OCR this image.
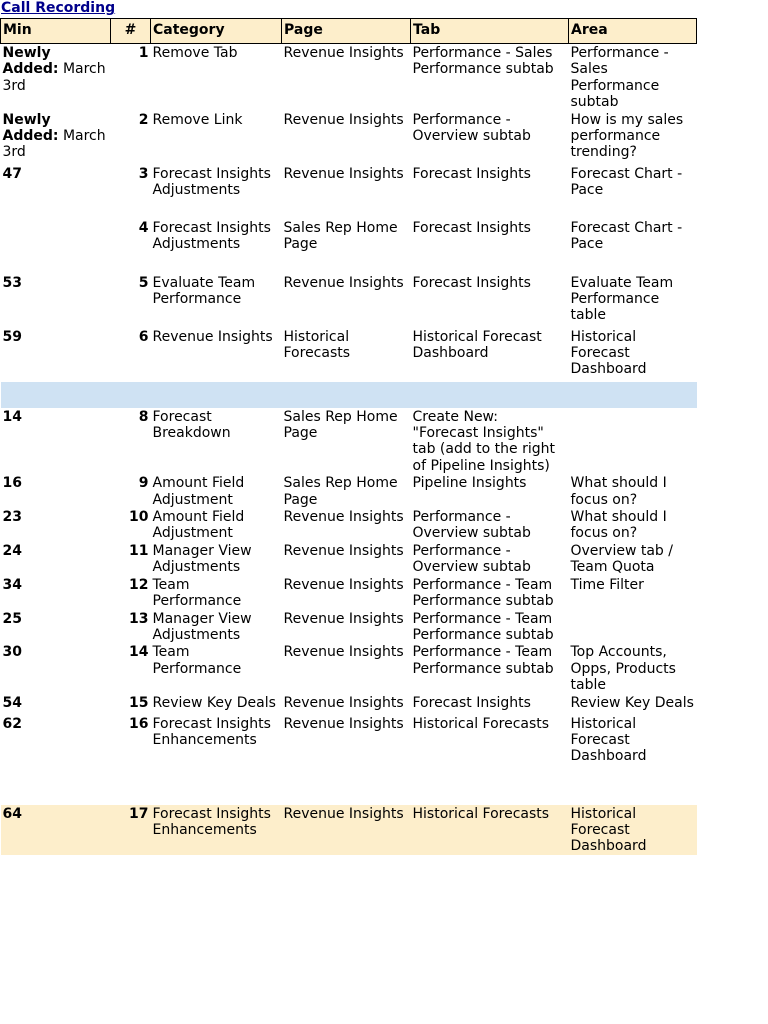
Call Recording
Min	#	Category	Page	Tab	Area
Newly Added: March 3rd	1	Remove Tab	Revenue Insights	Performance - Sales Performance subtab	Performance - Sales Performance subtab

Newly Added: March 3rd	2	Remove Link	Revenue Insights	Performance - Overview subtab	How is my sales performance trending?

47	3	Forecast Insights Adjustments	Revenue Insights	Forecast Insights	Forecast Chart - Pace

	4	Forecast Insights Adjustments	Sales Rep Home Page	Forecast Insights	Forecast Chart - Pace

53	5	Evaluate Team Performance	Revenue Insights	Forecast Insights	Evaluate Team Performance table

59	6	Revenue Insights	Historical Forecasts	Historical Forecast Dashboard	Historical Forecast Dashboard

14	8	Forecast Breakdown	Sales Rep Home Page	Create New: "Forecast Insights" tab (add to the right of Pipeline Insights)	

16	9	Amount Field Adjustment	Sales Rep Home Page	Pipeline Insights	What should I focus on?

23	10	Amount Field Adjustment	Revenue Insights	Performance - Overview subtab	What should I focus on?

24	11	Manager View Adjustments	Revenue Insights	Performance - Overview subtab	Overview tab / Team Quota

34	12	Team Performance	Revenue Insights	Performance - Team Performance subtab	Time Filter

25	13	Manager View Adjustments	Revenue Insights	Performance - Team Performance subtab	

30	14	Team Performance	Revenue Insights	Performance - Team Performance subtab	Top Accounts, Opps, Products table

54	15	Review Key Deals	Revenue Insights	Forecast Insights	Review Key Deals

62	16	Forecast Insights Enhancements	Revenue Insights	Historical Forecasts	Historical Forecast Dashboard

64	17	Forecast Insights Enhancements	Revenue Insights	Historical Forecasts	Historical Forecast Dashboard
